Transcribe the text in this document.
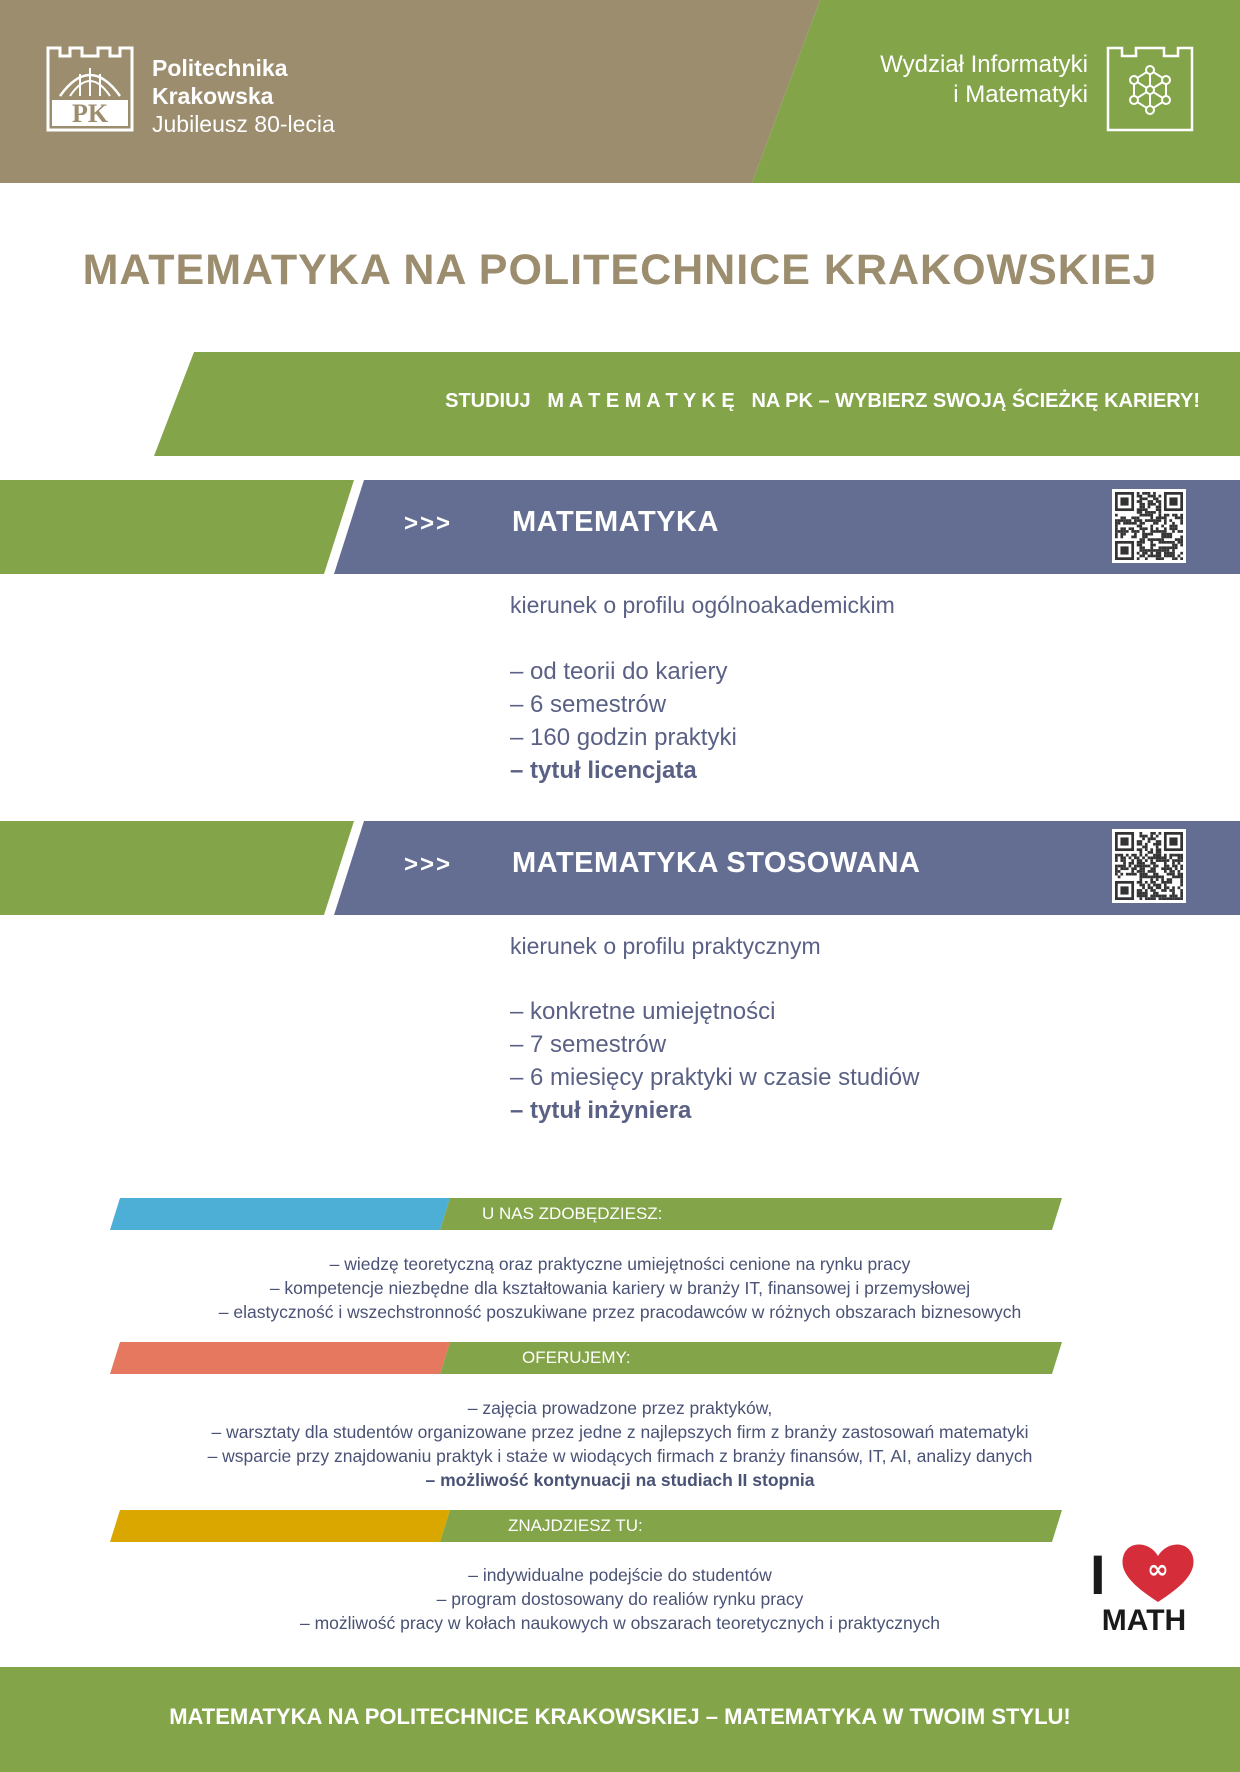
PK
Politechnika
Krakowska
Jubileusz 80-lecia
Wydział Informatyki
i Matematyki
MATEMATYKA NA POLITECHNICE KRAKOWSKIEJ
STUDIUJ   M A T E M A T Y K Ę   NA PK – WYBIERZ SWOJĄ ŚCIEŻKĘ KARIERY!
>>> MATEMATYKA
kierunek o profilu ogólnoakademickim
– od teorii do kariery
– 6 semestrów
– 160 godzin praktyki
– tytuł licencjata
>>> MATEMATYKA STOSOWANA
kierunek o profilu praktycznym
– konkretne umiejętności
– 7 semestrów
– 6 miesięcy praktyki w czasie studiów
– tytuł inżyniera
U NAS ZDOBĘDZIESZ:
– wiedzę teoretyczną oraz praktyczne umiejętności cenione na rynku pracy
– kompetencje niezbędne dla kształtowania kariery w branży IT, finansowej i przemysłowej
– elastyczność i wszechstronność poszukiwane przez pracodawców w różnych obszarach biznesowych
OFERUJEMY:
– zajęcia prowadzone przez praktyków,
– warsztaty dla studentów organizowane przez jedne z najlepszych firm z branży zastosowań matematyki
– wsparcie przy znajdowaniu praktyk i staże w wiodących firmach z branży finansów, IT, AI, analizy danych
– możliwość kontynuacji na studiach II stopnia
ZNAJDZIESZ TU:
– indywidualne podejście do studentów
– program dostosowany do realiów rynku pracy
– możliwość pracy w kołach naukowych w obszarach teoretycznych i praktycznych
I ∞
MATH
MATEMATYKA NA POLITECHNICE KRAKOWSKIEJ – MATEMATYKA W TWOIM STYLU!
